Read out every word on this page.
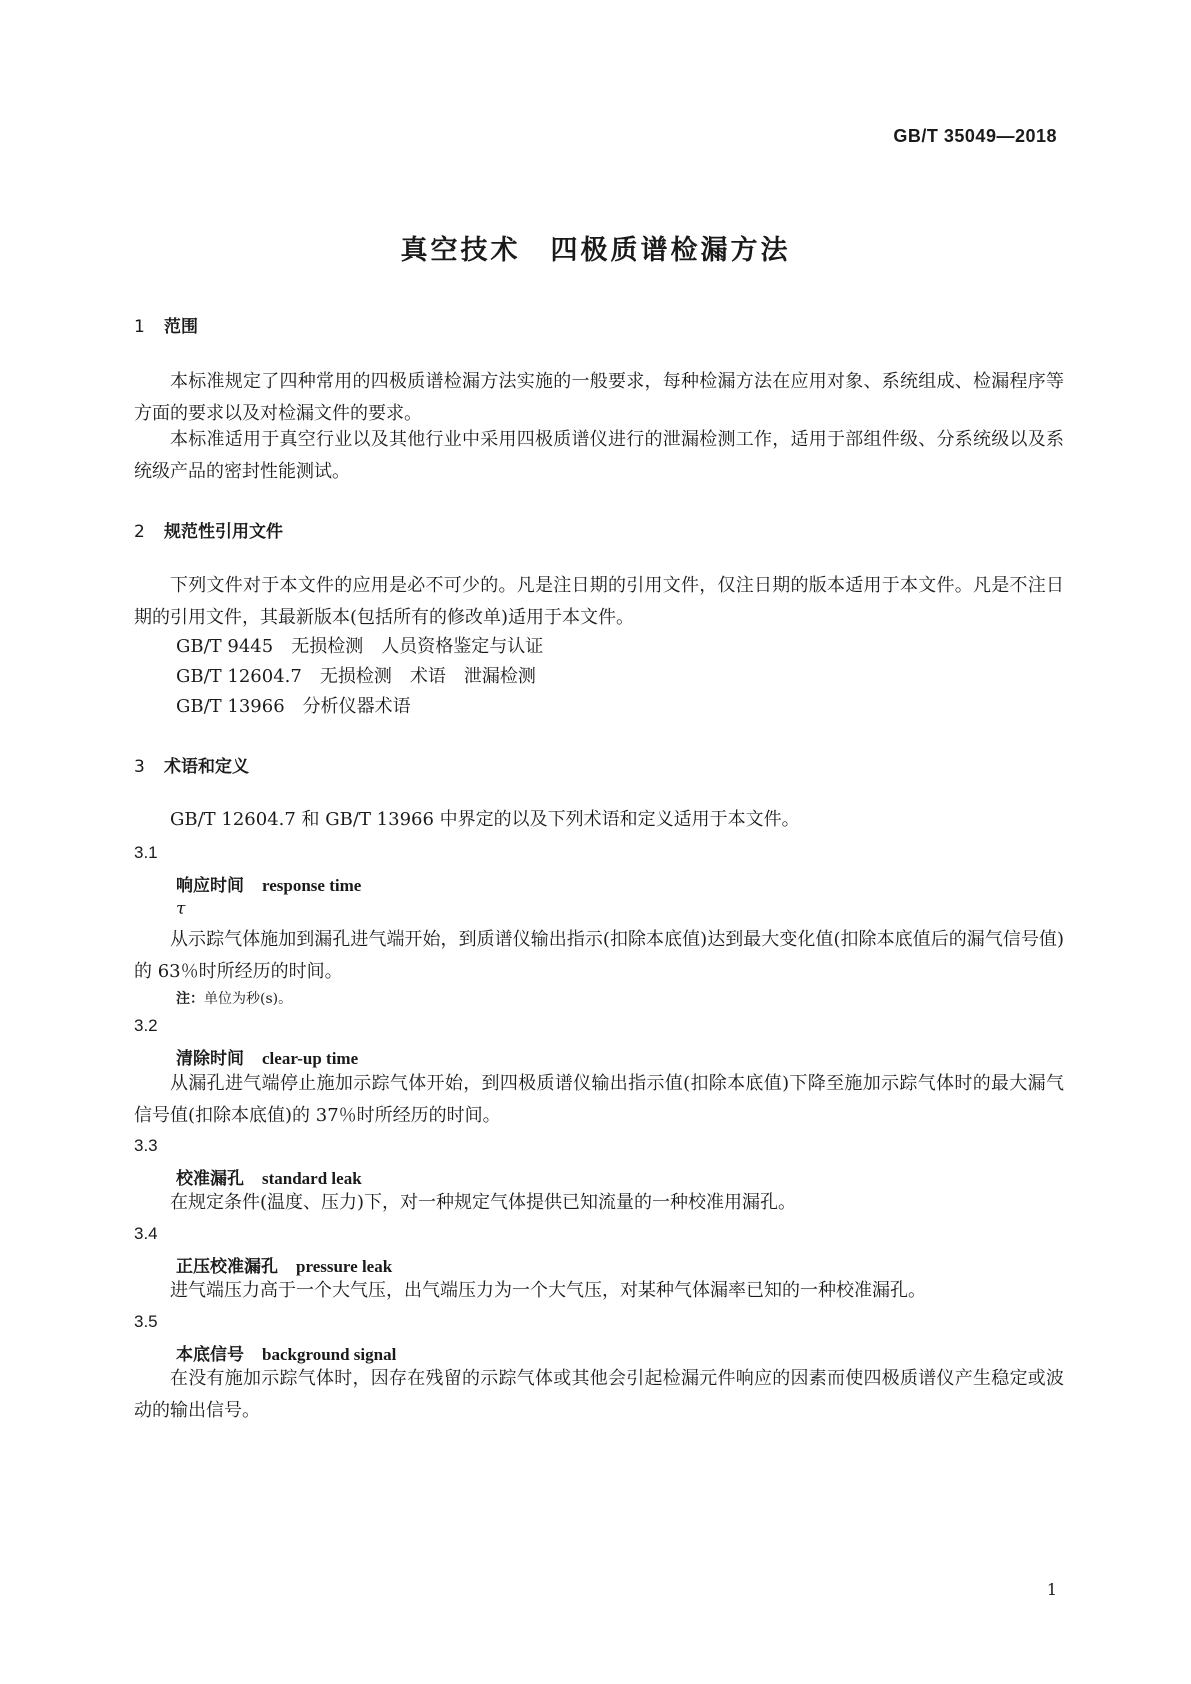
GB/T 35049—2018
真空技术　四极质谱检漏方法
1 范围
本标准规定了四种常用的四极质谱检漏方法实施的一般要求，每种检漏方法在应用对象、系统组成、检漏程序等方面的要求以及对检漏文件的要求。
本标准适用于真空行业以及其他行业中采用四极质谱仪进行的泄漏检测工作，适用于部组件级、分系统级以及系统级产品的密封性能测试。
2 规范性引用文件
下列文件对于本文件的应用是必不可少的。凡是注日期的引用文件，仅注日期的版本适用于本文件。凡是不注日期的引用文件，其最新版本(包括所有的修改单)适用于本文件。
GB/T 9445　无损检测　人员资格鉴定与认证
GB/T 12604.7　无损检测　术语　泄漏检测
GB/T 13966　分析仪器术语
3 术语和定义
GB/T 12604.7 和 GB/T 13966 中界定的以及下列术语和定义适用于本文件。
3.1
响应时间 response time
τ
从示踪气体施加到漏孔进气端开始，到质谱仪输出指示(扣除本底值)达到最大变化值(扣除本底值后的漏气信号值)的 63％时所经历的时间。
注：单位为秒(s)。
3.2
清除时间 clear-up time
从漏孔进气端停止施加示踪气体开始，到四极质谱仪输出指示值(扣除本底值)下降至施加示踪气体时的最大漏气信号值(扣除本底值)的 37％时所经历的时间。
3.3
校准漏孔 standard leak
在规定条件(温度、压力)下，对一种规定气体提供已知流量的一种校准用漏孔。
3.4
正压校准漏孔 pressure leak
进气端压力高于一个大气压，出气端压力为一个大气压，对某种气体漏率已知的一种校准漏孔。
3.5
本底信号 background signal
在没有施加示踪气体时，因存在残留的示踪气体或其他会引起检漏元件响应的因素而使四极质谱仪产生稳定或波动的输出信号。
1
